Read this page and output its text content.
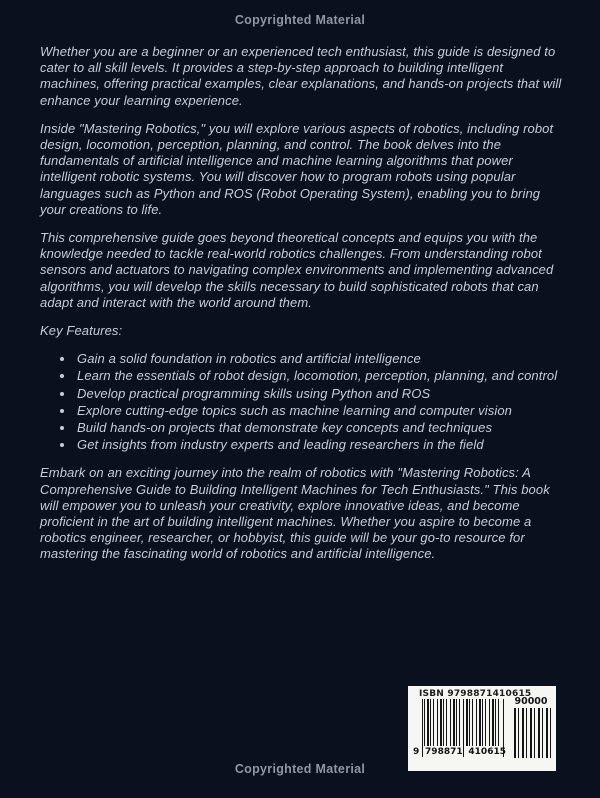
Copyrighted Material

Whether you are a beginner or an experienced tech enthusiast, this guide is designed to cater to all skill levels. It provides a step-by-step approach to building intelligent machines, offering practical examples, clear explanations, and hands-on projects that will enhance your learning experience.

Inside "Mastering Robotics," you will explore various aspects of robotics, including robot design, locomotion, perception, planning, and control. The book delves into the fundamentals of artificial intelligence and machine learning algorithms that power intelligent robotic systems. You will discover how to program robots using popular languages such as Python and ROS (Robot Operating System), enabling you to bring your creations to life.

This comprehensive guide goes beyond theoretical concepts and equips you with the knowledge needed to tackle real-world robotics challenges. From understanding robot sensors and actuators to navigating complex environments and implementing advanced algorithms, you will develop the skills necessary to build sophisticated robots that can adapt and interact with the world around them.

Key Features:

• Gain a solid foundation in robotics and artificial intelligence
• Learn the essentials of robot design, locomotion, perception, planning, and control
• Develop practical programming skills using Python and ROS
• Explore cutting-edge topics such as machine learning and computer vision
• Build hands-on projects that demonstrate key concepts and techniques
• Get insights from industry experts and leading researchers in the field

Embark on an exciting journey into the realm of robotics with "Mastering Robotics: A Comprehensive Guide to Building Intelligent Machines for Tech Enthusiasts." This book will empower you to unleash your creativity, explore innovative ideas, and become proficient in the art of building intelligent machines. Whether you aspire to become a robotics engineer, researcher, or hobbyist, this guide will be your go-to resource for mastering the fascinating world of robotics and artificial intelligence.

ISBN 9798871410615
9 798871 410615
90000
Copyrighted Material
